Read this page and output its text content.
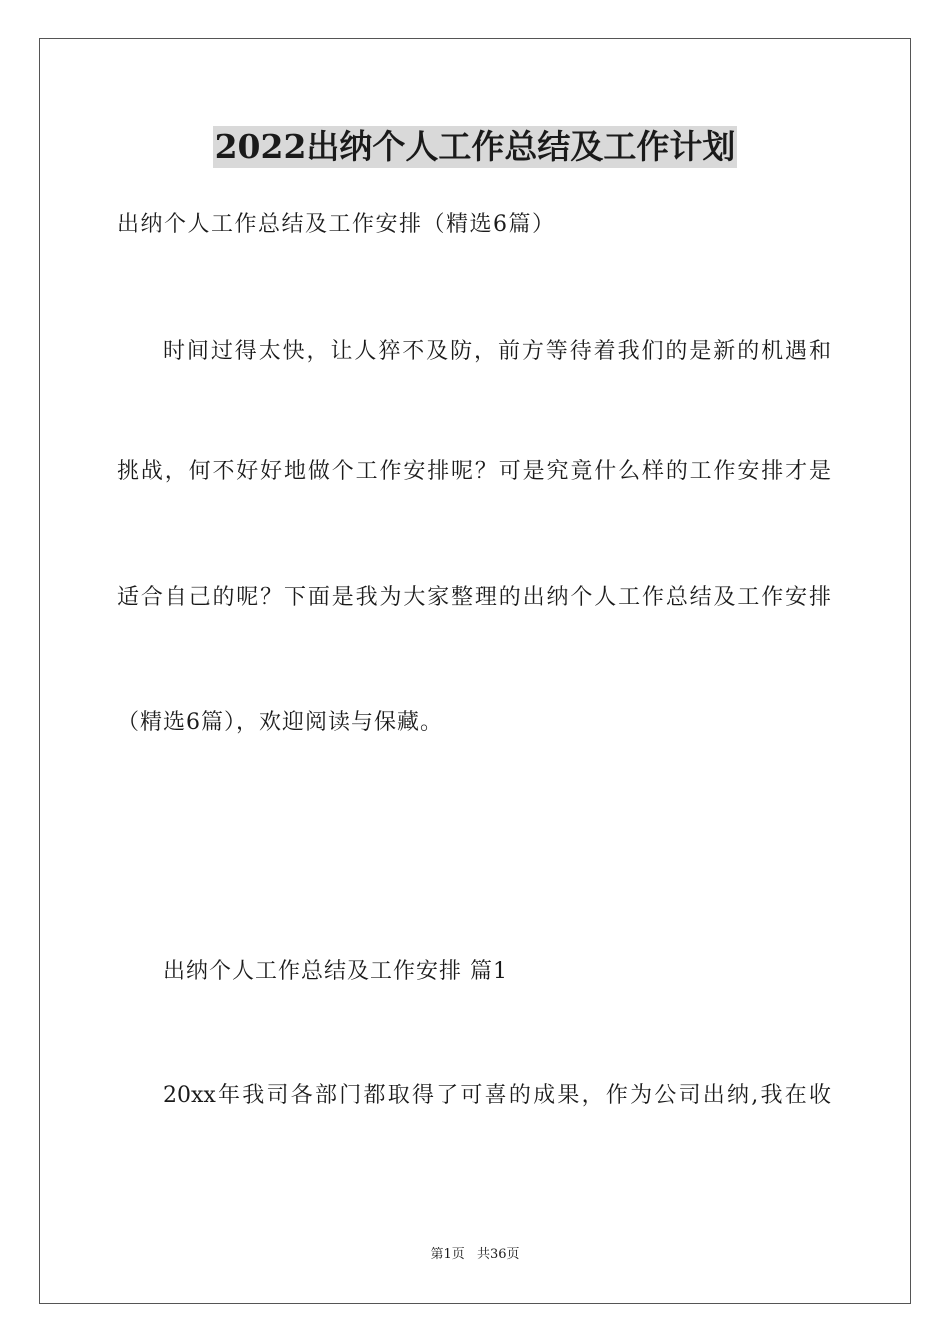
2022出纳个人工作总结及工作计划
出纳个人工作总结及工作安排（精选6篇）
时间过得太快，让人猝不及防，前方等待着我们的是新的机遇和
挑战，何不好好地做个工作安排呢？可是究竟什么样的工作安排才是
适合自己的呢？下面是我为大家整理的出纳个人工作总结及工作安排
（精选6篇），欢迎阅读与保藏。
出纳个人工作总结及工作安排 篇1
20xx年我司各部门都取得了可喜的成果，作为公司出纳,我在收
第1页 共36页
